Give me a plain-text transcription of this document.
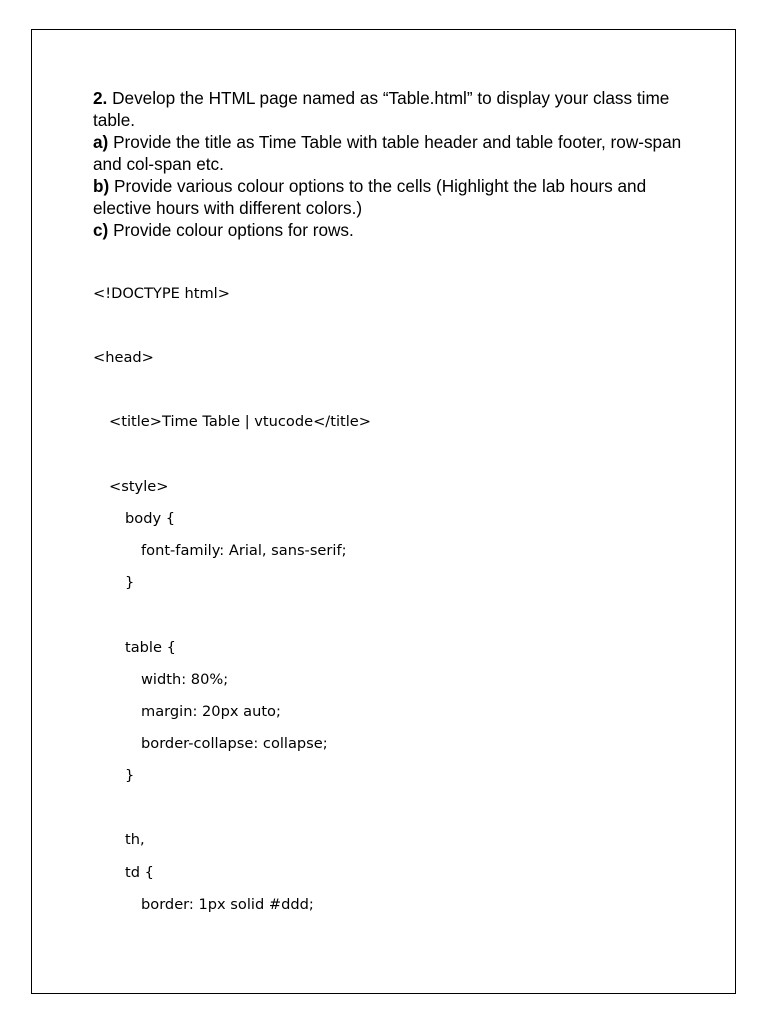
2. Develop the HTML page named as “Table.html” to display your class time table.

a) Provide the title as Time Table with table header and table footer, row-span and col-span etc.

b) Provide various colour options to the cells (Highlight the lab hours and elective hours with different colors.)

c) Provide colour options for rows.

<!DOCTYPE html>
<head>
<title>Time Table | vtucode</title>
<style>
body {
font-family: Arial, sans-serif;
}
table {
width: 80%;
margin: 20px auto;
border-collapse: collapse;
}
th,
td {
border: 1px solid #ddd;
